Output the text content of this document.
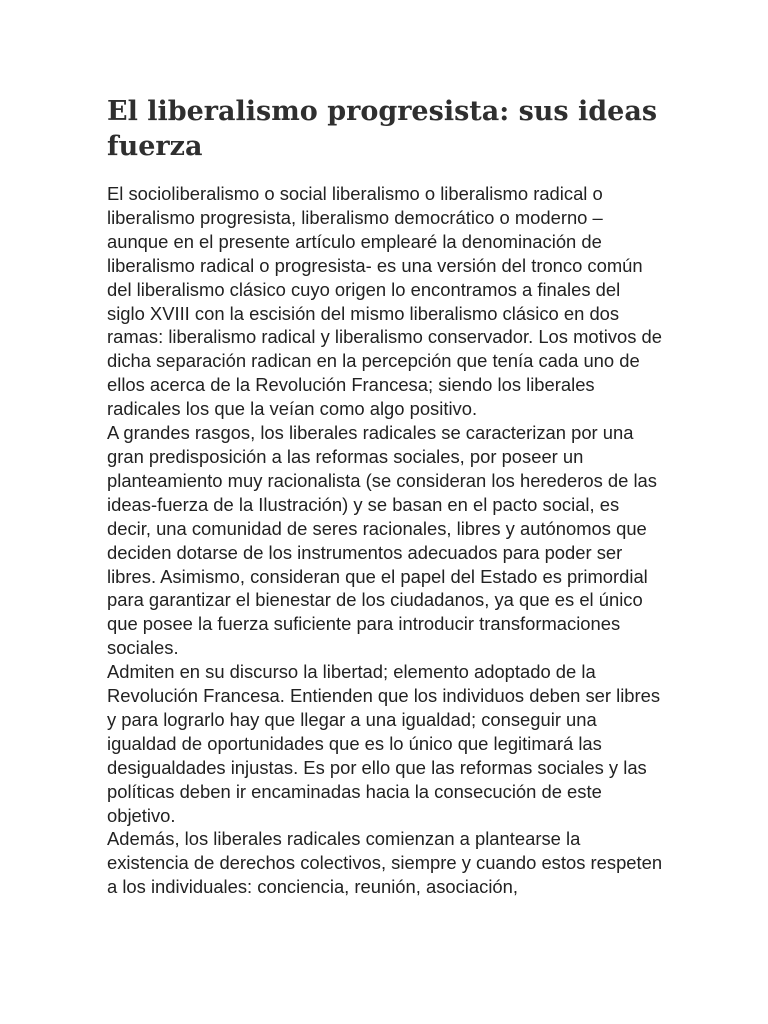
El liberalismo progresista: sus ideas fuerza

El socioliberalismo o social liberalismo o liberalismo radical o liberalismo progresista, liberalismo democrático o moderno – aunque en el presente artículo emplearé la denominación de liberalismo radical o progresista- es una versión del tronco común del liberalismo clásico cuyo origen lo encontramos a finales del siglo XVIII con la escisión del mismo liberalismo clásico en dos ramas: liberalismo radical y liberalismo conservador. Los motivos de dicha separación radican en la percepción que tenía cada uno de ellos acerca de la Revolución Francesa; siendo los liberales radicales los que la veían como algo positivo.

A grandes rasgos, los liberales radicales se caracterizan por una gran predisposición a las reformas sociales, por poseer un planteamiento muy racionalista (se consideran los herederos de las ideas-fuerza de la Ilustración) y se basan en el pacto social, es decir, una comunidad de seres racionales, libres y autónomos que deciden dotarse de los instrumentos adecuados para poder ser libres. Asimismo, consideran que el papel del Estado es primordial para garantizar el bienestar de los ciudadanos, ya que es el único que posee la fuerza suficiente para introducir transformaciones sociales.

Admiten en su discurso la libertad; elemento adoptado de la Revolución Francesa. Entienden que los individuos deben ser libres y para lograrlo hay que llegar a una igualdad; conseguir una igualdad de oportunidades que es lo único que legitimará las desigualdades injustas. Es por ello que las reformas sociales y las políticas deben ir encaminadas hacia la consecución de este objetivo.

Además, los liberales radicales comienzan a plantearse la existencia de derechos colectivos, siempre y cuando estos respeten a los individuales: conciencia, reunión, asociación,
